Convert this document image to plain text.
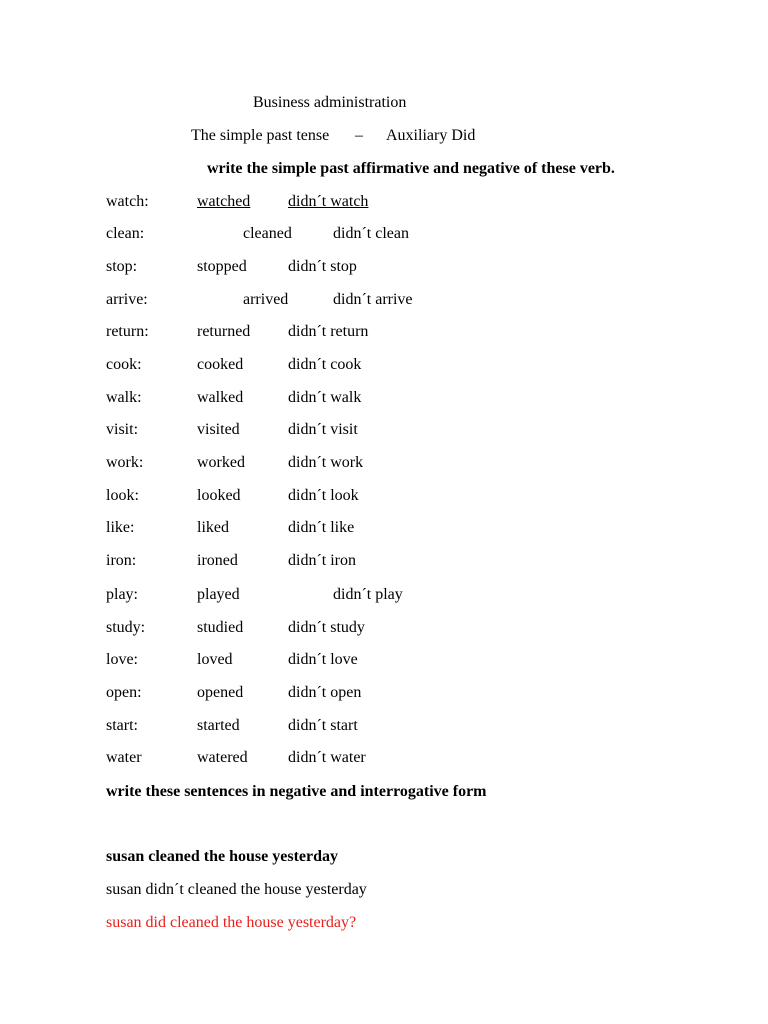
Business administration
The simple past tense – Auxiliary Did
write the simple past affirmative and negative of these verb.
watch:	watched didn´t watch
clean:	cleaned	didn´t clean
stop:	stopped	didn´t stop
arrive:	arrived	didn´t arrive
return:	returned didn´t return
cook:	cooked	didn´t cook
walk:	walked	didn´t walk
visit:	visited	didn´t visit
work:	worked	didn´t work
look:	looked	didn´t look
like:	liked	didn´t like
iron:	ironed	didn´t iron
play:	played	didn´t play
study:	studied	didn´t study
love:	loved	didn´t love
open:	opened	didn´t open
start:	started	didn´t start
water	watered	didn´t water
write these sentences in negative and interrogative form
susan cleaned the house yesterday
susan didn´t cleaned the house yesterday
susan did cleaned the house yesterday?
